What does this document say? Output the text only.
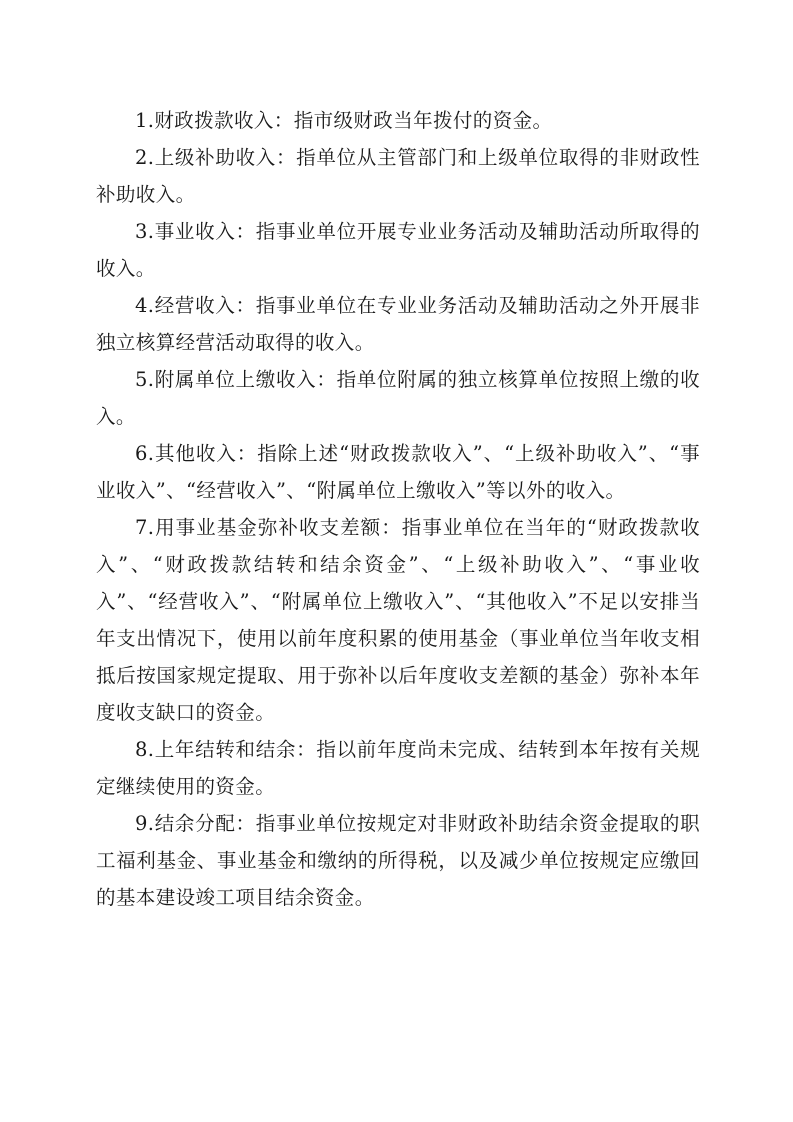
1.财政拨款收入：指市级财政当年拨付的资金。

2.上级补助收入：指单位从主管部门和上级单位取得的非财政性补助收入。

3.事业收入：指事业单位开展专业业务活动及辅助活动所取得的收入。

4.经营收入：指事业单位在专业业务活动及辅助活动之外开展非独立核算经营活动取得的收入。

5.附属单位上缴收入：指单位附属的独立核算单位按照上缴的收入。

6.其他收入：指除上述“财政拨款收入”、“上级补助收入”、“事业收入”、“经营收入”、“附属单位上缴收入”等以外的收入。

7.用事业基金弥补收支差额：指事业单位在当年的“财政拨款收入”、“财政拨款结转和结余资金”、“上级补助收入”、“事业收入”、“经营收入”、“附属单位上缴收入”、“其他收入”不足以安排当年支出情况下，使用以前年度积累的使用基金（事业单位当年收支相抵后按国家规定提取、用于弥补以后年度收支差额的基金）弥补本年度收支缺口的资金。

8.上年结转和结余：指以前年度尚未完成、结转到本年按有关规定继续使用的资金。

9.结余分配：指事业单位按规定对非财政补助结余资金提取的职工福利基金、事业基金和缴纳的所得税，以及减少单位按规定应缴回的基本建设竣工项目结余资金。
